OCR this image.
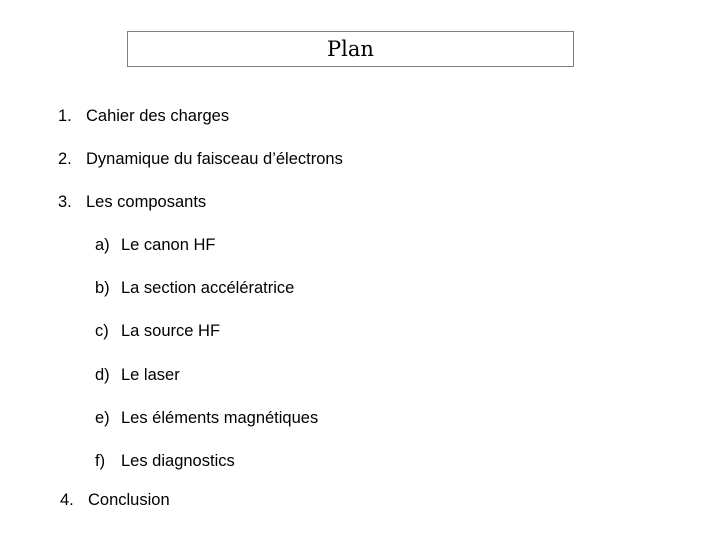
Plan
1. Cahier des charges
2. Dynamique du faisceau d’électrons
3. Les composants
a) Le canon HF
b) La section accélératrice
c) La source HF
d) Le laser
e) Les éléments magnétiques
f) Les diagnostics
4. Conclusion
